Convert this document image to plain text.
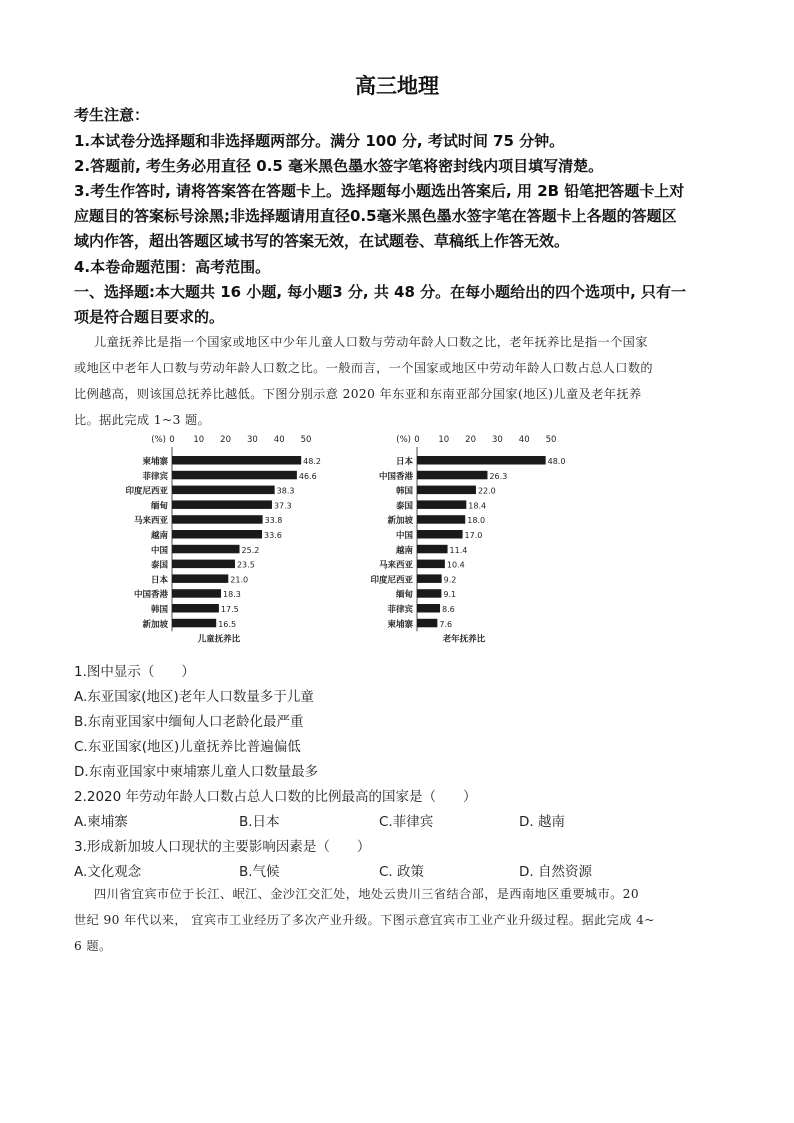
高三地理
考生注意：
1.本试卷分选择题和非选择题两部分。满分 100 分, 考试时间 75 分钟。
2.答题前, 考生务必用直径 0.5 毫米黑色墨水签字笔将密封线内项目填写清楚。
3.考生作答时, 请将答案答在答题卡上。选择题每小题选出答案后, 用 2B 铅笔把答题卡上对
应题目的答案标号涂黑;非选择题请用直径0.5毫米黑色墨水签字笔在答题卡上各题的答题区
域内作答，超出答题区域书写的答案无效，在试题卷、草稿纸上作答无效。
4.本卷命题范围：高考范围。
一、选择题:本大题共 16 小题, 每小题3 分, 共 48 分。在每小题给出的四个选项中, 只有一
项是符合题目要求的。
儿童抚养比是指一个国家或地区中少年儿童人口数与劳动年龄人口数之比，老年抚养比是指一个国家
或地区中老年人口数与劳动年龄人口数之比。一般而言，一个国家或地区中劳动年龄人口数占总人口数的
比例越高，则该国总抚养比越低。下图分别示意 2020 年东亚和东南亚部分国家(地区)儿童及老年抚养
比。据此完成 1~3 题。
(%) 0 10 20 30 40 50
柬埔寨	48.2
菲律宾	46.6
印度尼西亚	38.3
缅甸	37.3
马来西亚	33.8
越南	33.6
中国	25.2
泰国	23.5
日本	21.0
中国香港	18.3
韩国	17.5
新加坡	16.5
儿童抚养比
(%) 0 10 20 30 40 50
日本	48.0
中国香港	26.3
韩国	22.0
泰国	18.4
新加坡	18.0
中国	17.0
越南	11.4
马来西亚	10.4
印度尼西亚	9.2
缅甸	9.1
菲律宾	8.6
柬埔寨	7.6
老年抚养比
1.图中显示（　　）
A.东亚国家(地区)老年人口数量多于儿童
B.东南亚国家中缅甸人口老龄化最严重
C.东亚国家(地区)儿童抚养比普遍偏低
D.东南亚国家中柬埔寨儿童人口数量最多
2.2020 年劳动年龄人口数占总人口数的比例最高的国家是（　　）
A.柬埔寨	B.日本	C.菲律宾	D. 越南
3.形成新加坡人口现状的主要影响因素是（　　）
A.文化观念	B.气候	C. 政策	D. 自然资源
四川省宜宾市位于长江、岷江、金沙江交汇处，地处云贵川三省结合部，是西南地区重要城市。20
世纪 90 年代以来， 宜宾市工业经历了多次产业升级。下图示意宜宾市工业产业升级过程。据此完成 4~
6 题。
